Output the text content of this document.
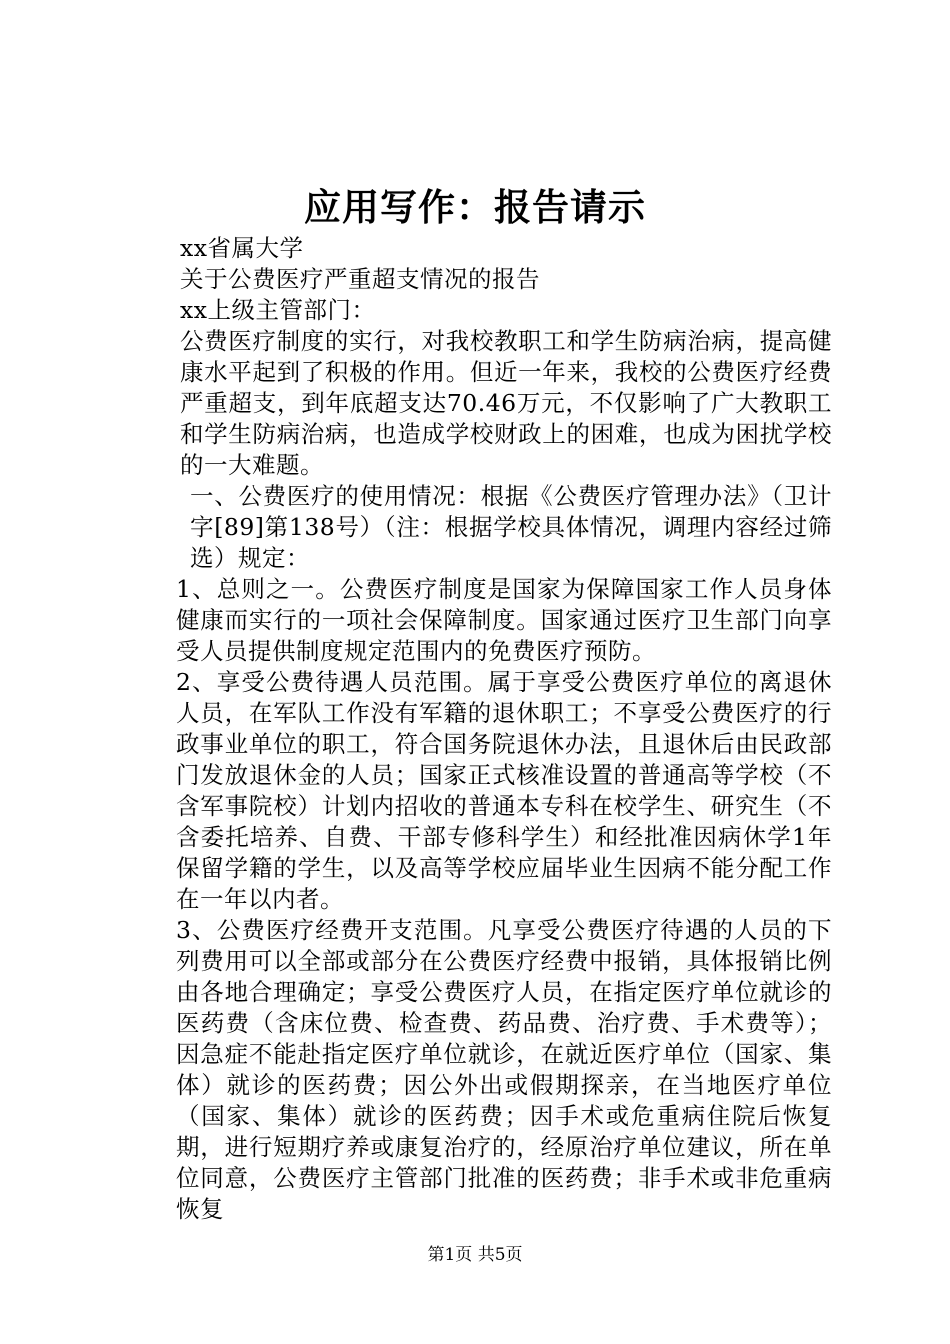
应用写作：报告请示
xx省属大学
关于公费医疗严重超支情况的报告
xx上级主管部门：
公费医疗制度的实行，对我校教职工和学生防病治病，提高健康水平起到了积极的作用。但近一年来，我校的公费医疗经费严重超支，到年底超支达70.46万元，不仅影响了广大教职工和学生防病治病，也造成学校财政上的困难，也成为困扰学校的一大难题。
一、公费医疗的使用情况：根据《公费医疗管理办法》（卫计字[89]第138号）（注：根据学校具体情况，调理内容经过筛选）规定：
1、总则之一。公费医疗制度是国家为保障国家工作人员身体健康而实行的一项社会保障制度。国家通过医疗卫生部门向享受人员提供制度规定范围内的免费医疗预防。
2、享受公费待遇人员范围。属于享受公费医疗单位的离退休人员，在军队工作没有军籍的退休职工；不享受公费医疗的行政事业单位的职工，符合国务院退休办法，且退休后由民政部门发放退休金的人员；国家正式核准设置的普通高等学校（不含军事院校）计划内招收的普通本专科在校学生、研究生（不含委托培养、自费、干部专修科学生）和经批准因病休学1年保留学籍的学生，以及高等学校应届毕业生因病不能分配工作在一年以内者。
3、公费医疗经费开支范围。凡享受公费医疗待遇的人员的下列费用可以全部或部分在公费医疗经费中报销，具体报销比例由各地合理确定；享受公费医疗人员，在指定医疗单位就诊的医药费（含床位费、检查费、药品费、治疗费、手术费等）；因急症不能赴指定医疗单位就诊，在就近医疗单位（国家、集体）就诊的医药费；因公外出或假期探亲，在当地医疗单位（国家、集体）就诊的医药费；因手术或危重病住院后恢复期，进行短期疗养或康复治疗的，经原治疗单位建议，所在单位同意，公费医疗主管部门批准的医药费；非手术或非危重病恢复
第1页 共5页
